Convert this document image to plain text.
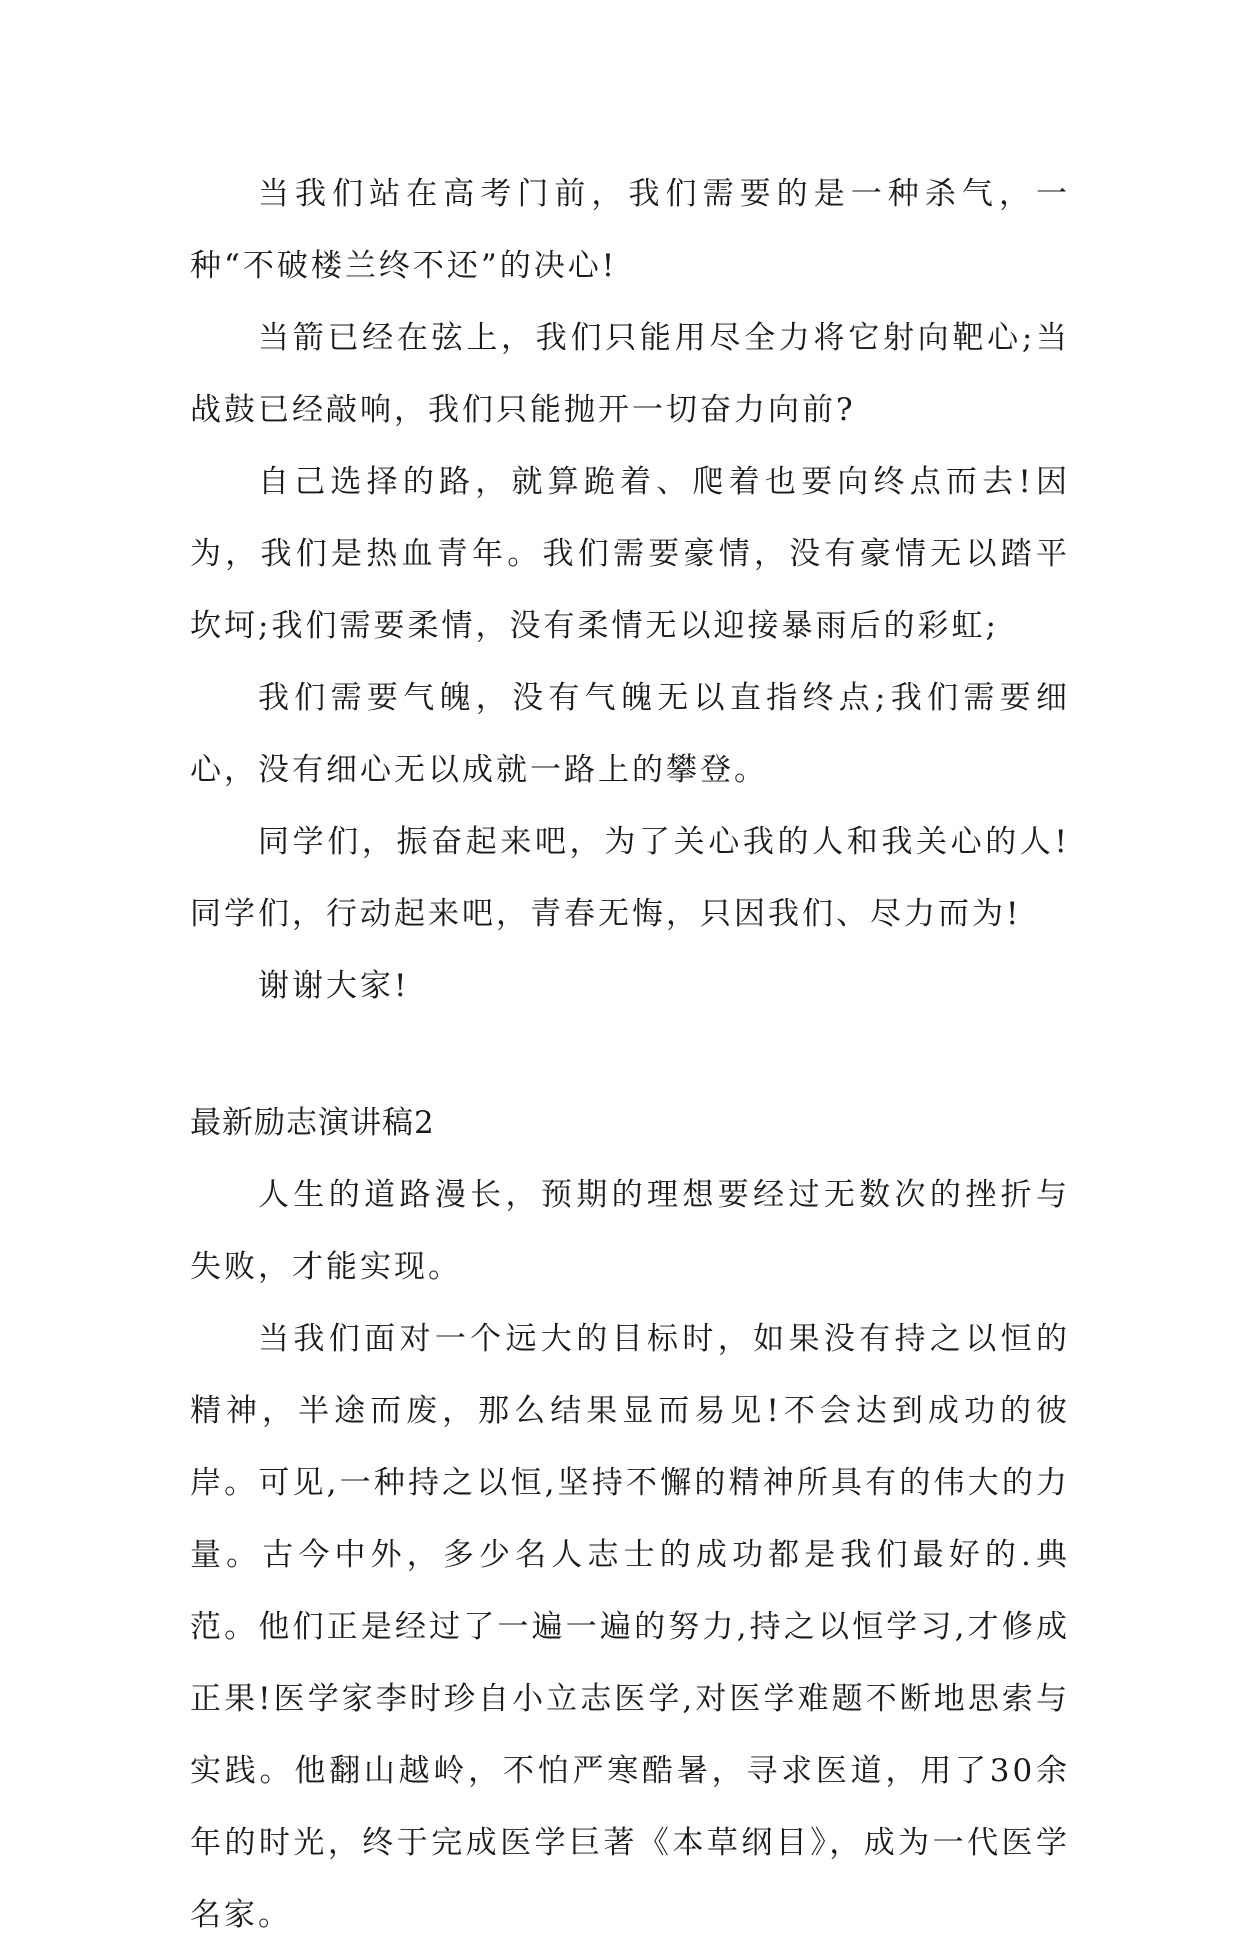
当我们站在高考门前，我们需要的是一种杀气，一种“不破楼兰终不还”的决心!

当箭已经在弦上，我们只能用尽全力将它射向靶心;当战鼓已经敲响，我们只能抛开一切奋力向前?

自己选择的路，就算跪着、爬着也要向终点而去!因为，我们是热血青年。我们需要豪情，没有豪情无以踏平坎坷;我们需要柔情，没有柔情无以迎接暴雨后的彩虹;

我们需要气魄，没有气魄无以直指终点;我们需要细心，没有细心无以成就一路上的攀登。

同学们，振奋起来吧，为了关心我的人和我关心的人!同学们，行动起来吧，青春无悔，只因我们、尽力而为!

谢谢大家!

最新励志演讲稿2

人生的道路漫长，预期的理想要经过无数次的挫折与失败，才能实现。

当我们面对一个远大的目标时，如果没有持之以恒的精神，半途而废，那么结果显而易见!不会达到成功的彼岸。可见,一种持之以恒,坚持不懈的精神所具有的伟大的力量。古今中外，多少名人志士的成功都是我们最好的.典范。他们正是经过了一遍一遍的努力,持之以恒学习,才修成正果!医学家李时珍自小立志医学,对医学难题不断地思索与实践。他翻山越岭，不怕严寒酷暑，寻求医道，用了30余年的时光，终于完成医学巨著《本草纲目》，成为一代医学名家。
